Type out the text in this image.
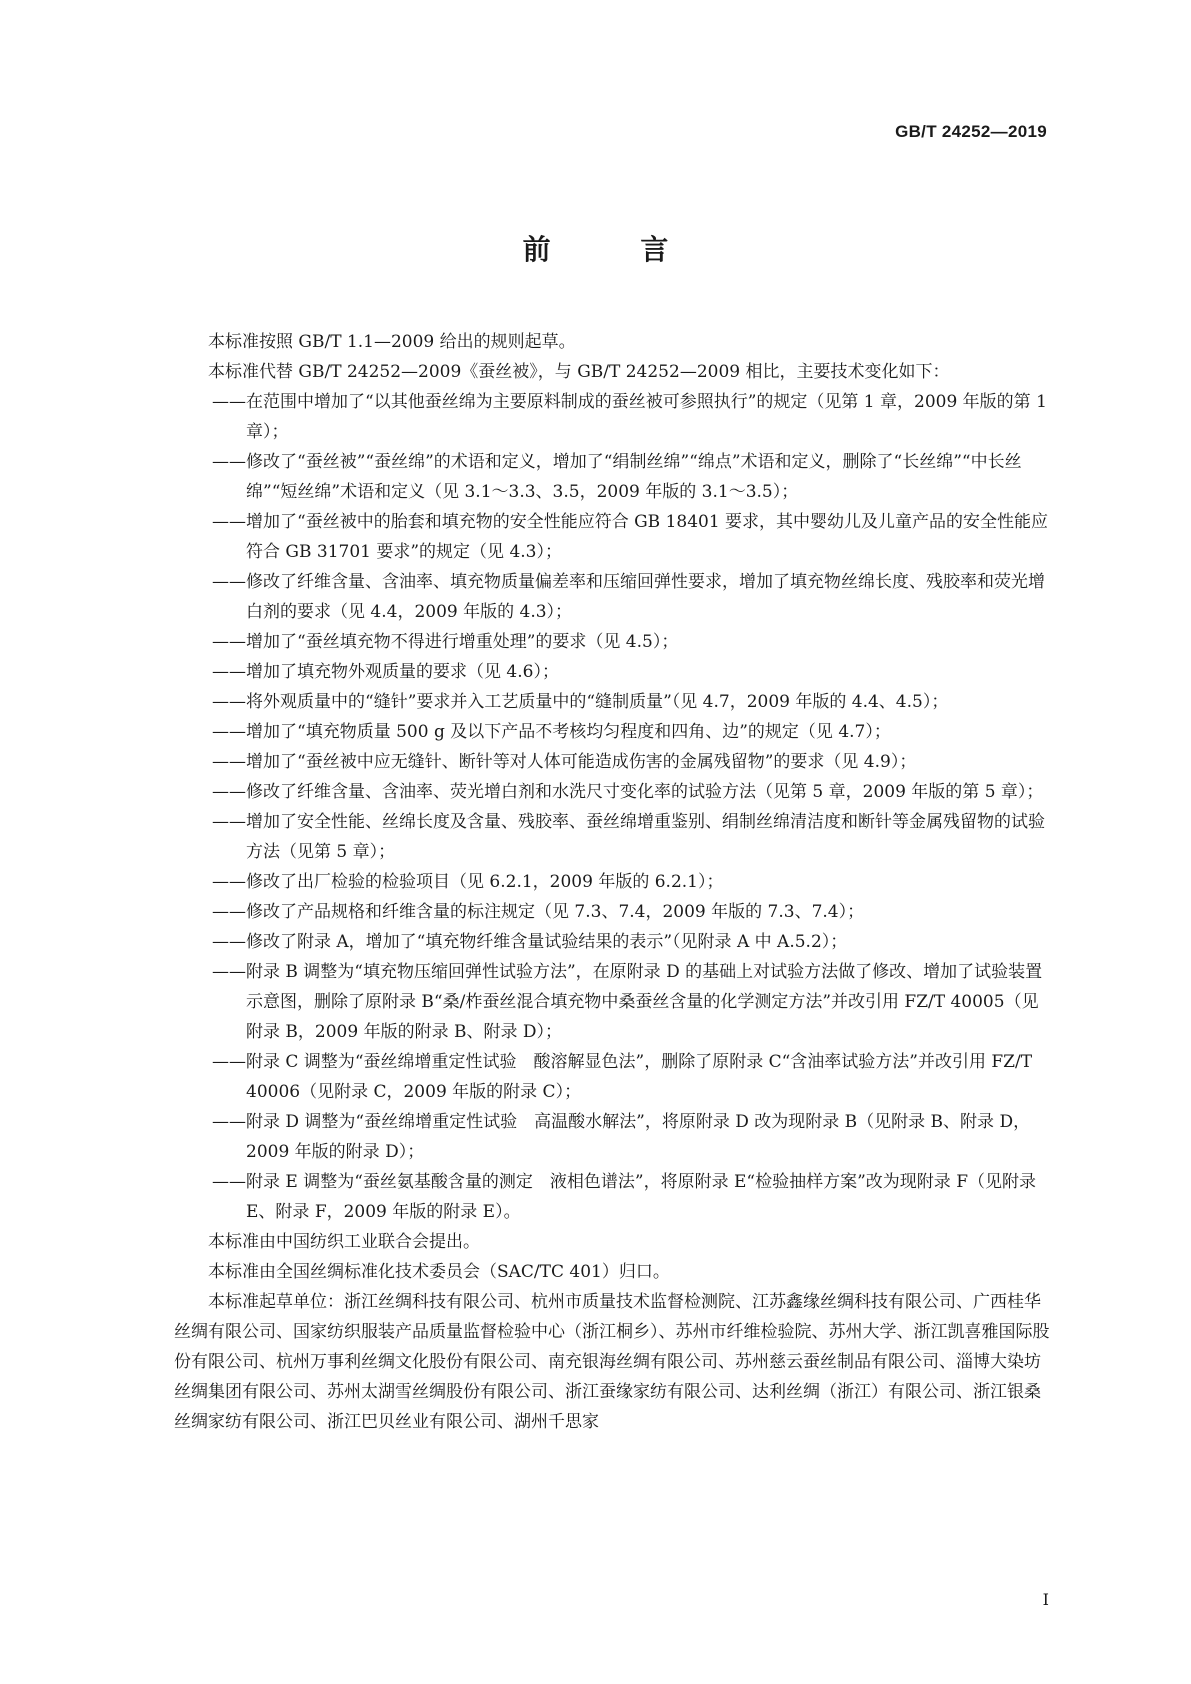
GB/T 24252—2019
前 言

本标准按照 GB/T 1.1—2009 给出的规则起草。

本标准代替 GB/T 24252—2009《蚕丝被》，与 GB/T 24252—2009 相比，主要技术变化如下：

——在范围中增加了“以其他蚕丝绵为主要原料制成的蚕丝被可参照执行”的规定（见第 1 章，2009 年版的第 1 章）；

——修改了“蚕丝被”“蚕丝绵”的术语和定义，增加了“绢制丝绵”“绵点”术语和定义，删除了“长丝绵”“中长丝绵”“短丝绵”术语和定义（见 3.1～3.3、3.5，2009 年版的 3.1～3.5）；

——增加了“蚕丝被中的胎套和填充物的安全性能应符合 GB 18401 要求，其中婴幼儿及儿童产品的安全性能应符合 GB 31701 要求”的规定（见 4.3）；

——修改了纤维含量、含油率、填充物质量偏差率和压缩回弹性要求，增加了填充物丝绵长度、残胶率和荧光增白剂的要求（见 4.4，2009 年版的 4.3）；

——增加了“蚕丝填充物不得进行增重处理”的要求（见 4.5）；

——增加了填充物外观质量的要求（见 4.6）；

——将外观质量中的“缝针”要求并入工艺质量中的“缝制质量”（见 4.7，2009 年版的 4.4、4.5）；

——增加了“填充物质量 500 g 及以下产品不考核均匀程度和四角、边”的规定（见 4.7）；

——增加了“蚕丝被中应无缝针、断针等对人体可能造成伤害的金属残留物”的要求（见 4.9）；

——修改了纤维含量、含油率、荧光增白剂和水洗尺寸变化率的试验方法（见第 5 章，2009 年版的第 5 章）；

——增加了安全性能、丝绵长度及含量、残胶率、蚕丝绵增重鉴别、绢制丝绵清洁度和断针等金属残留物的试验方法（见第 5 章）；

——修改了出厂检验的检验项目（见 6.2.1，2009 年版的 6.2.1）；

——修改了产品规格和纤维含量的标注规定（见 7.3、7.4，2009 年版的 7.3、7.4）；

——修改了附录 A，增加了“填充物纤维含量试验结果的表示”（见附录 A 中 A.5.2）；

——附录 B 调整为“填充物压缩回弹性试验方法”，在原附录 D 的基础上对试验方法做了修改、增加了试验装置示意图，删除了原附录 B“桑/柞蚕丝混合填充物中桑蚕丝含量的化学测定方法”并改引用 FZ/T 40005（见附录 B，2009 年版的附录 B、附录 D）；

——附录 C 调整为“蚕丝绵增重定性试验　酸溶解显色法”，删除了原附录 C“含油率试验方法”并改引用 FZ/T 40006（见附录 C，2009 年版的附录 C）；

——附录 D 调整为“蚕丝绵增重定性试验　高温酸水解法”，将原附录 D 改为现附录 B（见附录 B、附录 D，2009 年版的附录 D）；

——附录 E 调整为“蚕丝氨基酸含量的测定　液相色谱法”，将原附录 E“检验抽样方案”改为现附录 F（见附录 E、附录 F，2009 年版的附录 E）。

本标准由中国纺织工业联合会提出。

本标准由全国丝绸标准化技术委员会（SAC/TC 401）归口。

本标准起草单位：浙江丝绸科技有限公司、杭州市质量技术监督检测院、江苏鑫缘丝绸科技有限公司、广西桂华丝绸有限公司、国家纺织服装产品质量监督检验中心（浙江桐乡）、苏州市纤维检验院、苏州大学、浙江凯喜雅国际股份有限公司、杭州万事利丝绸文化股份有限公司、南充银海丝绸有限公司、苏州慈云蚕丝制品有限公司、淄博大染坊丝绸集团有限公司、苏州太湖雪丝绸股份有限公司、浙江蚕缘家纺有限公司、达利丝绸（浙江）有限公司、浙江银桑丝绸家纺有限公司、浙江巴贝丝业有限公司、湖州千思家

I
